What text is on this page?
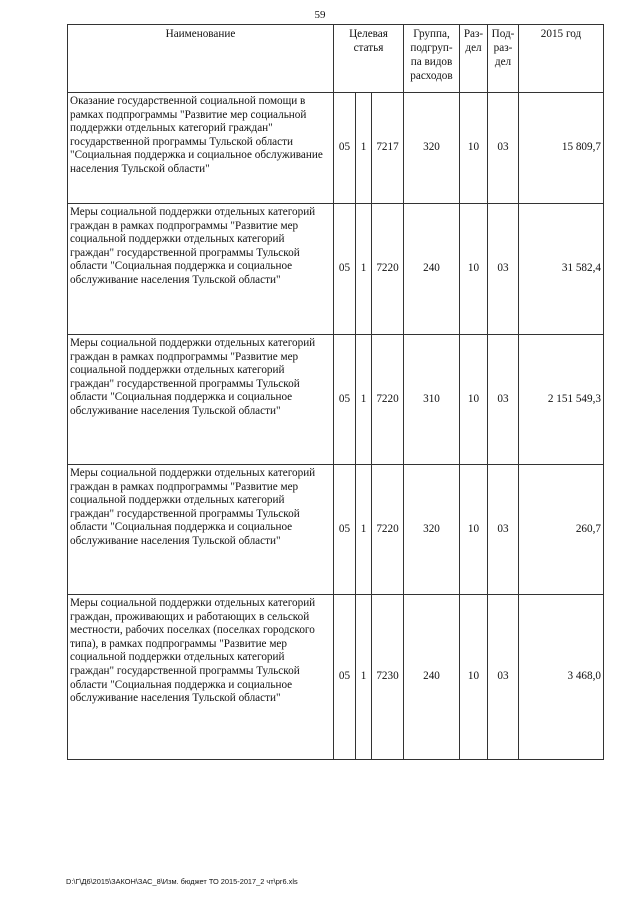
59
Наименование	Целевая статья			Группа, подгруп-па видов расходов	Раз-дел	Под-раз-дел	2015 год
Оказание государственной социальной помощи в рамках подпрограммы "Развитие мер социальной поддержки отдельных категорий граждан" государственной программы Тульской области "Социальная поддержка и социальное обслуживание населения Тульской области"	05	1	7217	320	10	03	15 809,7
Меры социальной поддержки отдельных категорий граждан в рамках подпрограммы "Развитие мер социальной поддержки отдельных категорий граждан" государственной программы Тульской области "Социальная поддержка и социальное обслуживание населения Тульской области"	05	1	7220	240	10	03	31 582,4
Меры социальной поддержки отдельных категорий граждан в рамках подпрограммы "Развитие мер социальной поддержки отдельных категорий граждан" государственной программы Тульской области "Социальная поддержка и социальное обслуживание населения Тульской области"	05	1	7220	310	10	03	2 151 549,3
Меры социальной поддержки отдельных категорий граждан в рамках подпрограммы "Развитие мер социальной поддержки отдельных категорий граждан" государственной программы Тульской области "Социальная поддержка и социальное обслуживание населения Тульской области"	05	1	7220	320	10	03	260,7
Меры социальной поддержки отдельных категорий граждан, проживающих и работающих в сельской местности, рабочих поселках (поселках городского типа), в рамках подпрограммы "Развитие мер социальной поддержки отдельных категорий граждан" государственной программы Тульской области "Социальная поддержка и социальное обслуживание населения Тульской области"	05	1	7230	240	10	03	3 468,0
D:\Г\Д6\2015\ЗАКОН\ЗАС_8\Изм. бюджет ТО 2015-2017_2 чт\рг6.xls
